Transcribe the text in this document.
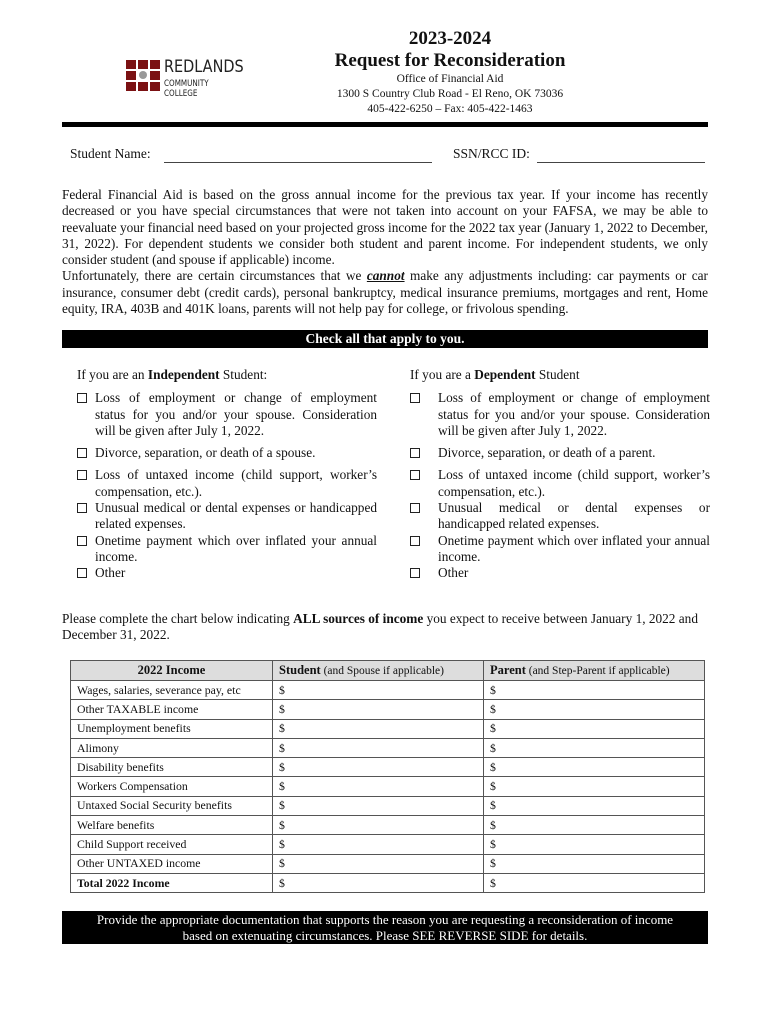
REDLANDS
COMMUNITY COLLEGE
2023-2024
Request for Reconsideration
Office of Financial Aid
1300 S Country Club Road - El Reno, OK 73036
405-422-6250 – Fax: 405-422-1463
Student Name:	SSN/RCC ID:
Federal Financial Aid is based on the gross annual income for the previous tax year. If your income has recently decreased or you have special circumstances that were not taken into account on your FAFSA, we may be able to reevaluate your financial need based on your projected gross income for the 2022 tax year (January 1, 2022 to December, 31, 2022). For dependent students we consider both student and parent income. For independent students, we only consider student (and spouse if applicable) income.
Unfortunately, there are certain circumstances that we cannot make any adjustments including: car payments or car insurance, consumer debt (credit cards), personal bankruptcy, medical insurance premiums, mortgages and rent, Home equity, IRA, 403B and 401K loans, parents will not help pay for college, or frivolous spending.
Check all that apply to you.
If you are an Independent Student:
Loss of employment or change of employment status for you and/or your spouse. Consideration will be given after July 1, 2022.
Divorce, separation, or death of a spouse.
Loss of untaxed income (child support, worker’s compensation, etc.).
Unusual medical or dental expenses or handicapped related expenses.
Onetime payment which over inflated your annual income.
Other
If you are a Dependent Student
Loss of employment or change of employment status for you and/or your spouse. Consideration will be given after July 1, 2022.
Divorce, separation, or death of a parent.
Loss of untaxed income (child support, worker’s compensation, etc.).
Unusual medical or dental expenses or handicapped related expenses.
Onetime payment which over inflated your annual income.
Other
Please complete the chart below indicating ALL sources of income you expect to receive between January 1, 2022 and December 31, 2022.
2022 Income	Student (and Spouse if applicable)	Parent (and Step-Parent if applicable)
Wages, salaries, severance pay, etc	$	$
Other TAXABLE income	$	$
Unemployment benefits	$	$
Alimony	$	$
Disability benefits	$	$
Workers Compensation	$	$
Untaxed Social Security benefits	$	$
Welfare benefits	$	$
Child Support received	$	$
Other UNTAXED income	$	$
Total 2022 Income	$	$
Provide the appropriate documentation that supports the reason you are requesting a reconsideration of income based on extenuating circumstances. Please SEE REVERSE SIDE for details.
